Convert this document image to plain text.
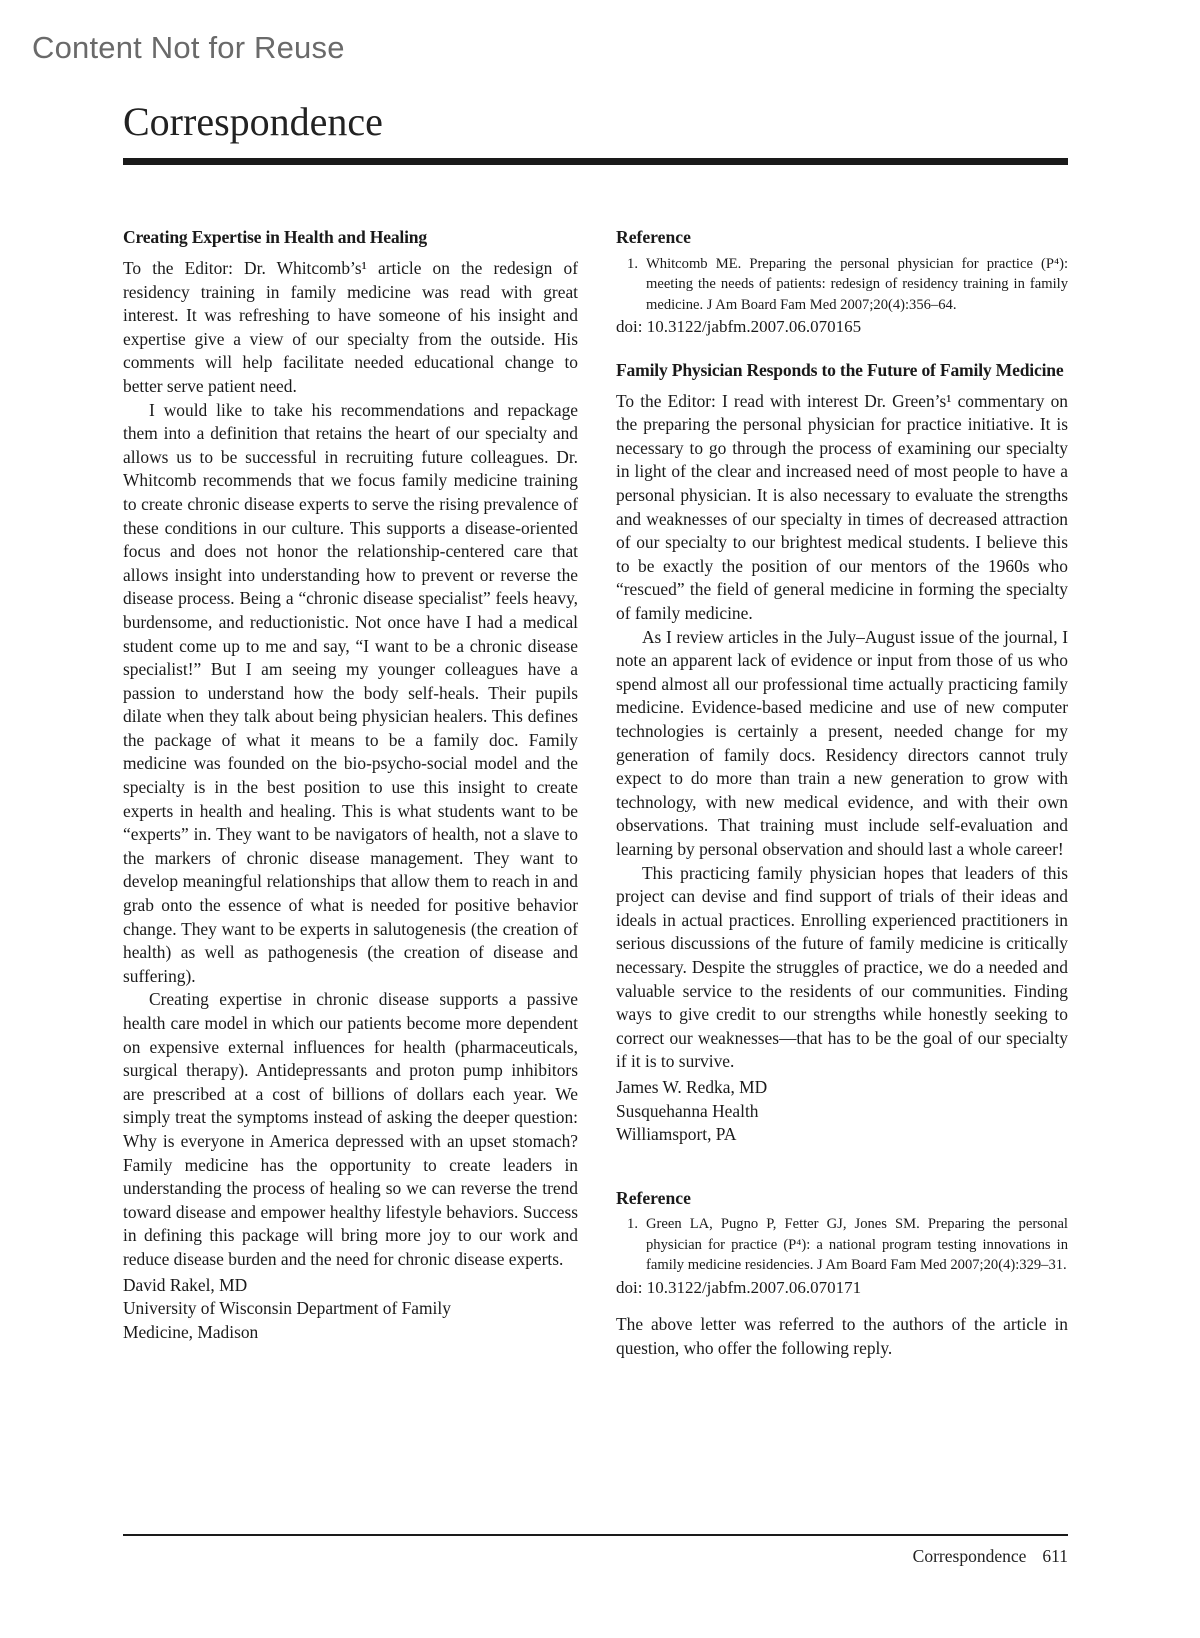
Content Not for Reuse
Correspondence
Creating Expertise in Health and Healing

To the Editor: Dr. Whitcomb’s¹ article on the redesign of residency training in family medicine was read with great interest. It was refreshing to have someone of his insight and expertise give a view of our specialty from the outside. His comments will help facilitate needed educational change to better serve patient need.

I would like to take his recommendations and repackage them into a definition that retains the heart of our specialty and allows us to be successful in recruiting future colleagues. Dr. Whitcomb recommends that we focus family medicine training to create chronic disease experts to serve the rising prevalence of these conditions in our culture. This supports a disease-oriented focus and does not honor the relationship-centered care that allows insight into understanding how to prevent or reverse the disease process. Being a “chronic disease specialist” feels heavy, burdensome, and reductionistic. Not once have I had a medical student come up to me and say, “I want to be a chronic disease specialist!” But I am seeing my younger colleagues have a passion to understand how the body self-heals. Their pupils dilate when they talk about being physician healers. This defines the package of what it means to be a family doc. Family medicine was founded on the bio-psycho-social model and the specialty is in the best position to use this insight to create experts in health and healing. This is what students want to be “experts” in. They want to be navigators of health, not a slave to the markers of chronic disease management. They want to develop meaningful relationships that allow them to reach in and grab onto the essence of what is needed for positive behavior change. They want to be experts in salutogenesis (the creation of health) as well as pathogenesis (the creation of disease and suffering).

Creating expertise in chronic disease supports a passive health care model in which our patients become more dependent on expensive external influences for health (pharmaceuticals, surgical therapy). Antidepressants and proton pump inhibitors are prescribed at a cost of billions of dollars each year. We simply treat the symptoms instead of asking the deeper question: Why is everyone in America depressed with an upset stomach? Family medicine has the opportunity to create leaders in understanding the process of healing so we can reverse the trend toward disease and empower healthy lifestyle behaviors. Success in defining this package will bring more joy to our work and reduce disease burden and the need for chronic disease experts.

David Rakel, MD

University of Wisconsin Department of Family

Medicine, Madison

Reference
1. Whitcomb ME. Preparing the personal physician for practice (P⁴): meeting the needs of patients: redesign of residency training in family medicine. J Am Board Fam Med 2007;20(4):356–64.

doi: 10.3122/jabfm.2007.06.070165

Family Physician Responds to the Future of Family Medicine

To the Editor: I read with interest Dr. Green’s¹ commentary on the preparing the personal physician for practice initiative. It is necessary to go through the process of examining our specialty in light of the clear and increased need of most people to have a personal physician. It is also necessary to evaluate the strengths and weaknesses of our specialty in times of decreased attraction of our specialty to our brightest medical students. I believe this to be exactly the position of our mentors of the 1960s who “rescued” the field of general medicine in forming the specialty of family medicine.

As I review articles in the July–August issue of the journal, I note an apparent lack of evidence or input from those of us who spend almost all our professional time actually practicing family medicine. Evidence-based medicine and use of new computer technologies is certainly a present, needed change for my generation of family docs. Residency directors cannot truly expect to do more than train a new generation to grow with technology, with new medical evidence, and with their own observations. That training must include self-evaluation and learning by personal observation and should last a whole career!

This practicing family physician hopes that leaders of this project can devise and find support of trials of their ideas and ideals in actual practices. Enrolling experienced practitioners in serious discussions of the future of family medicine is critically necessary. Despite the struggles of practice, we do a needed and valuable service to the residents of our communities. Finding ways to give credit to our strengths while honestly seeking to correct our weaknesses—that has to be the goal of our specialty if it is to survive.

James W. Redka, MD

Susquehanna Health

Williamsport, PA

Reference
1. Green LA, Pugno P, Fetter GJ, Jones SM. Preparing the personal physician for practice (P⁴): a national program testing innovations in family medicine residencies. J Am Board Fam Med 2007;20(4):329–31.

doi: 10.3122/jabfm.2007.06.070171

The above letter was referred to the authors of the article in question, who offer the following reply.

Correspondence 611
